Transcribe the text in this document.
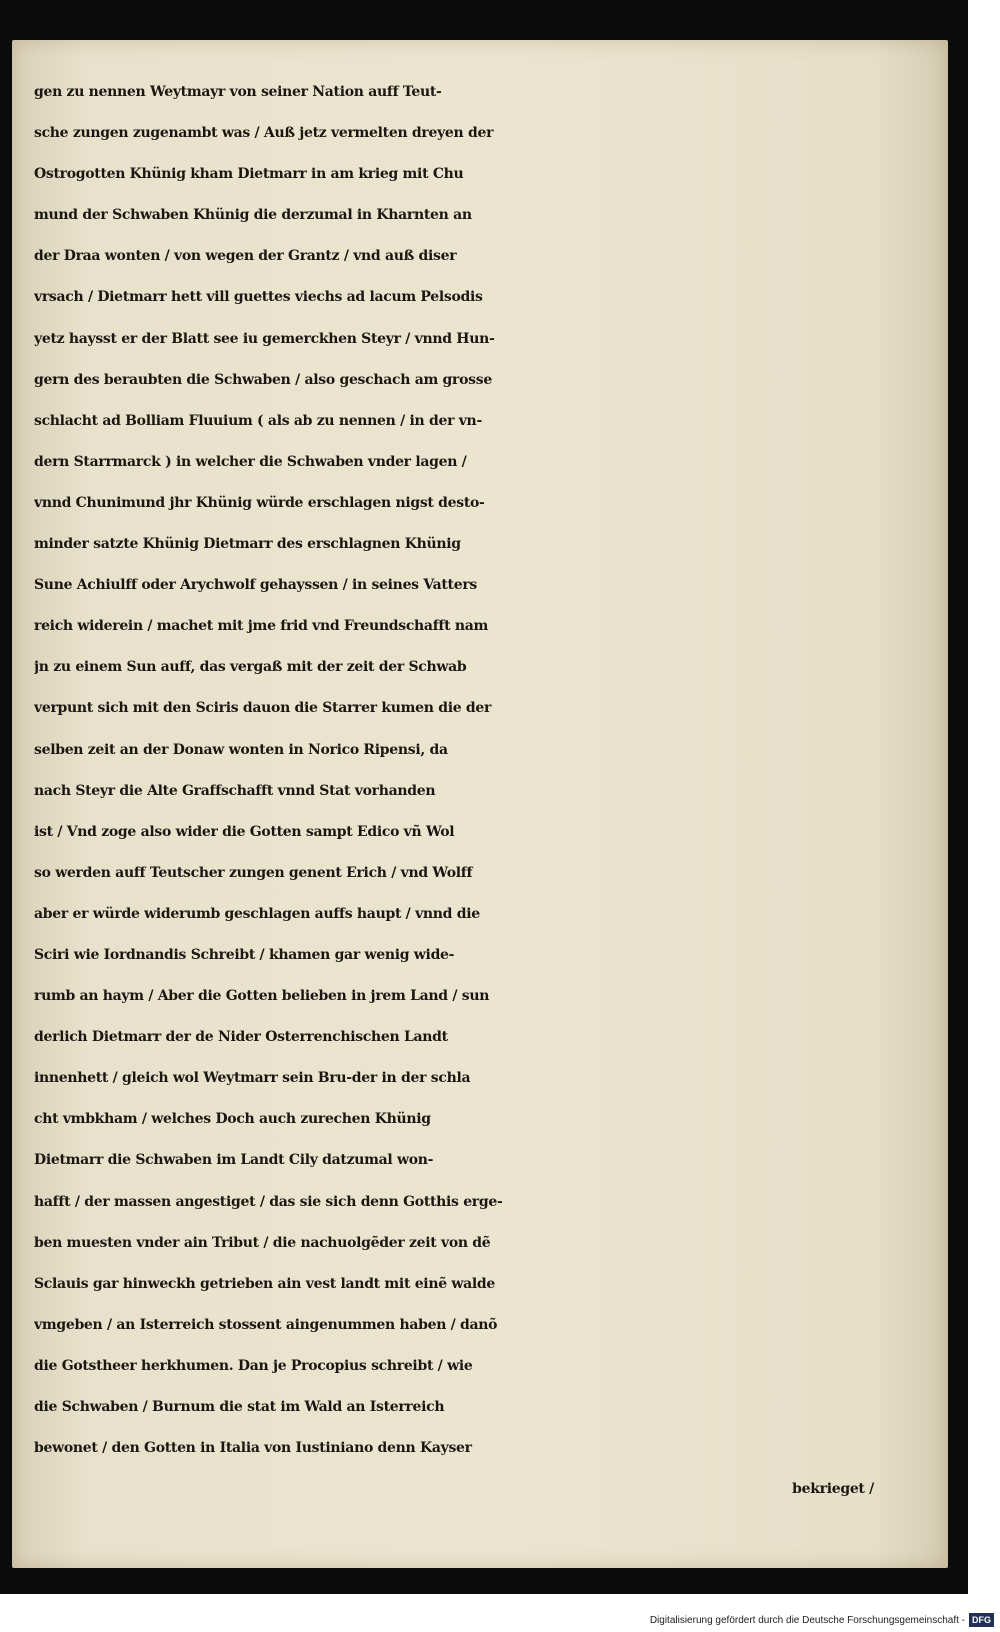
gen zu nennen Weytmayr von seiner Nation auff Teut-
sche zungen zugenambt was / Auß jetz vermelten dreyen der
Ostrogotten Khünig kham Dietmarr in am krieg mit Chu
mund der Schwaben Khünig die derzumal in Kharnten an
der Draa wonten / von wegen der Grantz / vnd auß diser
vrsach / Dietmarr hett vill guettes viechs ad lacum Pelsodis
yetz haysst er der Blatt see iu gemerckhen Steyr / vnnd Hun-
gern des beraubten die Schwaben / also geschach am grosse
schlacht ad Bolliam Fluuium ( als ab zu nennen / in der vn-
dern Starrmarck ) in welcher die Schwaben vnder lagen /
vnnd Chunimund jhr Khünig würde erschlagen nigst desto-
minder satzte Khünig Dietmarr des erschlagnen Khünig
Sune Achiulff oder Arychwolf gehayssen / in seines Vatters
reich widerein / machet mit jme frid vnd Freundschafft nam
jn zu einem Sun auff, das vergaß mit der zeit der Schwab
verpunt sich mit den Sciris dauon die Starrer kumen die der
selben zeit an der Donaw wonten in Norico Ripensi, da
nach Steyr die Alte Graffschafft vnnd Stat vorhanden
ist / Vnd zoge also wider die Gotten sampt Edico vñ Wol
so werden auff Teutscher zungen genent Erich / vnd Wolff
aber er würde widerumb geschlagen auffs haupt / vnnd die
Sciri wie Iordnandis Schreibt / khamen gar wenig wide-
rumb an haym / Aber die Gotten belieben in jrem Land / sun
derlich Dietmarr der de Nider Osterrenchischen Landt
innenhett / gleich wol Weytmarr sein Bru-der in der schla
cht vmbkham / welches Doch auch zurechen Khünig
Dietmarr die Schwaben im Landt Cily datzumal won-
hafft / der massen angestiget / das sie sich denn Gotthis erge-
ben muesten vnder ain Tribut / die nachuolgẽder zeit von dẽ
Sclauis gar hinweckh getrieben ain vest landt mit einẽ walde
vmgeben / an Isterreich stossent aingenummen haben / danõ
die Gotstheer herkhumen. Dan je Procopius schreibt / wie
die Schwaben / Burnum die stat im Wald an Isterreich
bewonet / den Gotten in Italia von Iustiniano denn Kayser
bekrieget /
Digitalisierung gefördert durch die Deutsche Forschungsgemeinschaft - DFG
